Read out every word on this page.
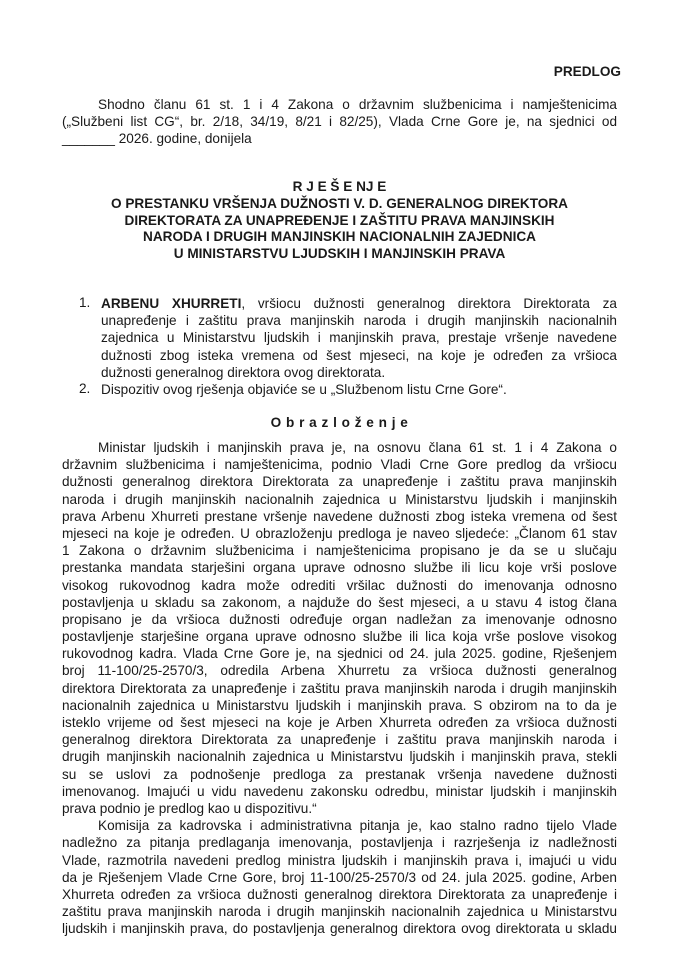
PREDLOG
Shodno članu 61 st. 1 i 4 Zakona o državnim službenicima i namještenicima
(„Službeni list CG“, br. 2/18, 34/19, 8/21 i 82/25), Vlada Crne Gore je, na sjednici od
_______ 2026. godine, donijela
R J E Š E NJ E
O PRESTANKU VRŠENJA DUŽNOSTI V. D. GENERALNOG DIREKTORA
DIREKTORATA ZA UNAPREĐENJE I ZAŠTITU PRAVA MANJINSKIH
NARODA I DRUGIH MANJINSKIH NACIONALNIH ZAJEDNICA
U MINISTARSTVU LJUDSKIH I MANJINSKIH PRAVA
1. ARBENU XHURRETI, vršiocu dužnosti generalnog direktora Direktorata za
unapređenje i zaštitu prava manjinskih naroda i drugih manjinskih nacionalnih
zajednica u Ministarstvu ljudskih i manjinskih prava, prestaje vršenje navedene
dužnosti zbog isteka vremena od šest mjeseci, na koje je određen za vršioca
dužnosti generalnog direktora ovog direktorata.
2. Dispozitiv ovog rješenja objaviće se u „Službenom listu Crne Gore“.
O b r a z l o ž e n j e
Ministar ljudskih i manjinskih prava je, na osnovu člana 61 st. 1 i 4 Zakona o
državnim službenicima i namještenicima, podnio Vladi Crne Gore predlog da vršiocu
dužnosti generalnog direktora Direktorata za unapređenje i zaštitu prava manjinskih
naroda i drugih manjinskih nacionalnih zajednica u Ministarstvu ljudskih i manjinskih
prava Arbenu Xhurreti prestane vršenje navedene dužnosti zbog isteka vremena od šest
mjeseci na koje je određen. U obrazloženju predloga je naveo sljedeće: „Članom 61 stav
1 Zakona o državnim službenicima i namještenicima propisano je da se u slučaju
prestanka mandata starješini organa uprave odnosno službe ili licu koje vrši poslove
visokog rukovodnog kadra može odrediti vršilac dužnosti do imenovanja odnosno
postavljenja u skladu sa zakonom, a najduže do šest mjeseci, a u stavu 4 istog člana
propisano je da vršioca dužnosti određuje organ nadležan za imenovanje odnosno
postavljenje starješine organa uprave odnosno službe ili lica koja vrše poslove visokog
rukovodnog kadra. Vlada Crne Gore je, na sjednici od 24. jula 2025. godine, Rješenjem
broj 11-100/25-2570/3, odredila Arbena Xhurretu za vršioca dužnosti generalnog
direktora Direktorata za unapređenje i zaštitu prava manjinskih naroda i drugih manjinskih
nacionalnih zajednica u Ministarstvu ljudskih i manjinskih prava. S obzirom na to da je
isteklo vrijeme od šest mjeseci na koje je Arben Xhurreta određen za vršioca dužnosti
generalnog direktora Direktorata za unapređenje i zaštitu prava manjinskih naroda i
drugih manjinskih nacionalnih zajednica u Ministarstvu ljudskih i manjinskih prava, stekli
su se uslovi za podnošenje predloga za prestanak vršenja navedene dužnosti
imenovanog. Imajući u vidu navedenu zakonsku odredbu, ministar ljudskih i manjinskih
prava podnio je predlog kao u dispozitivu.“
Komisija za kadrovska i administrativna pitanja je, kao stalno radno tijelo Vlade
nadležno za pitanja predlaganja imenovanja, postavljenja i razrješenja iz nadležnosti
Vlade, razmotrila navedeni predlog ministra ljudskih i manjinskih prava i, imajući u vidu
da je Rješenjem Vlade Crne Gore, broj 11-100/25-2570/3 od 24. jula 2025. godine, Arben
Xhurreta određen za vršioca dužnosti generalnog direktora Direktorata za unapređenje i
zaštitu prava manjinskih naroda i drugih manjinskih nacionalnih zajednica u Ministarstvu
ljudskih i manjinskih prava, do postavljenja generalnog direktora ovog direktorata u skladu
